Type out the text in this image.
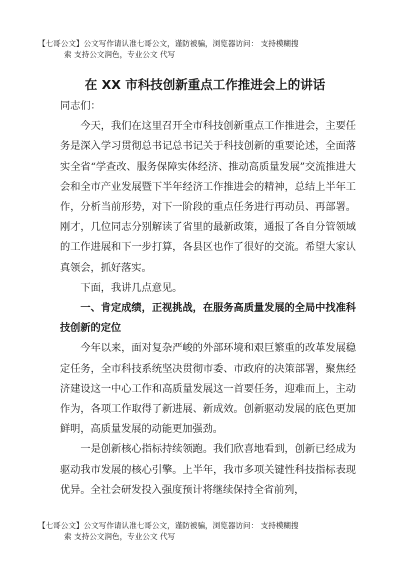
【七哥公文】公文写作请认准七哥公文，谨防被骗，浏览器访问： 支持模糊搜
索 支持公文润色，专业公文 代写
在 XX 市科技创新重点工作推进会上的讲话

同志们：

今天，我们在这里召开全市科技创新重点工作推进会，主要任务是深入学习贯彻总书记总书记关于科技创新的重要论述，全面落实全省“学查改、服务保障实体经济、推动高质量发展”交流推进大会和全市产业发展暨下半年经济工作推进会的精神，总结上半年工作，分析当前形势，对下一阶段的重点任务进行再动员、再部署。刚才，几位同志分别解读了省里的最新政策，通报了各自分管领域的工作进展和下一步打算，各县区也作了很好的交流。希望大家认真领会，抓好落实。

下面，我讲几点意见。

一、肯定成绩，正视挑战，在服务高质量发展的全局中找准科技创新的定位

今年以来，面对复杂严峻的外部环境和艰巨繁重的改革发展稳定任务，全市科技系统坚决贯彻市委、市政府的决策部署，聚焦经济建设这一中心工作和高质量发展这一首要任务，迎难而上，主动作为，各项工作取得了新进展、新成效。创新驱动发展的底色更加鲜明，高质量发展的动能更加强劲。

一是创新核心指标持续领跑。我们欣喜地看到，创新已经成为驱动我市发展的核心引擎。上半年，我市多项关键性科技指标表现优异。全社会研发投入强度预计将继续保持全省前列，

【七哥公文】公文写作请认准七哥公文，谨防被骗，浏览器访问： 支持模糊搜
索 支持公文润色，专业公文 代写
